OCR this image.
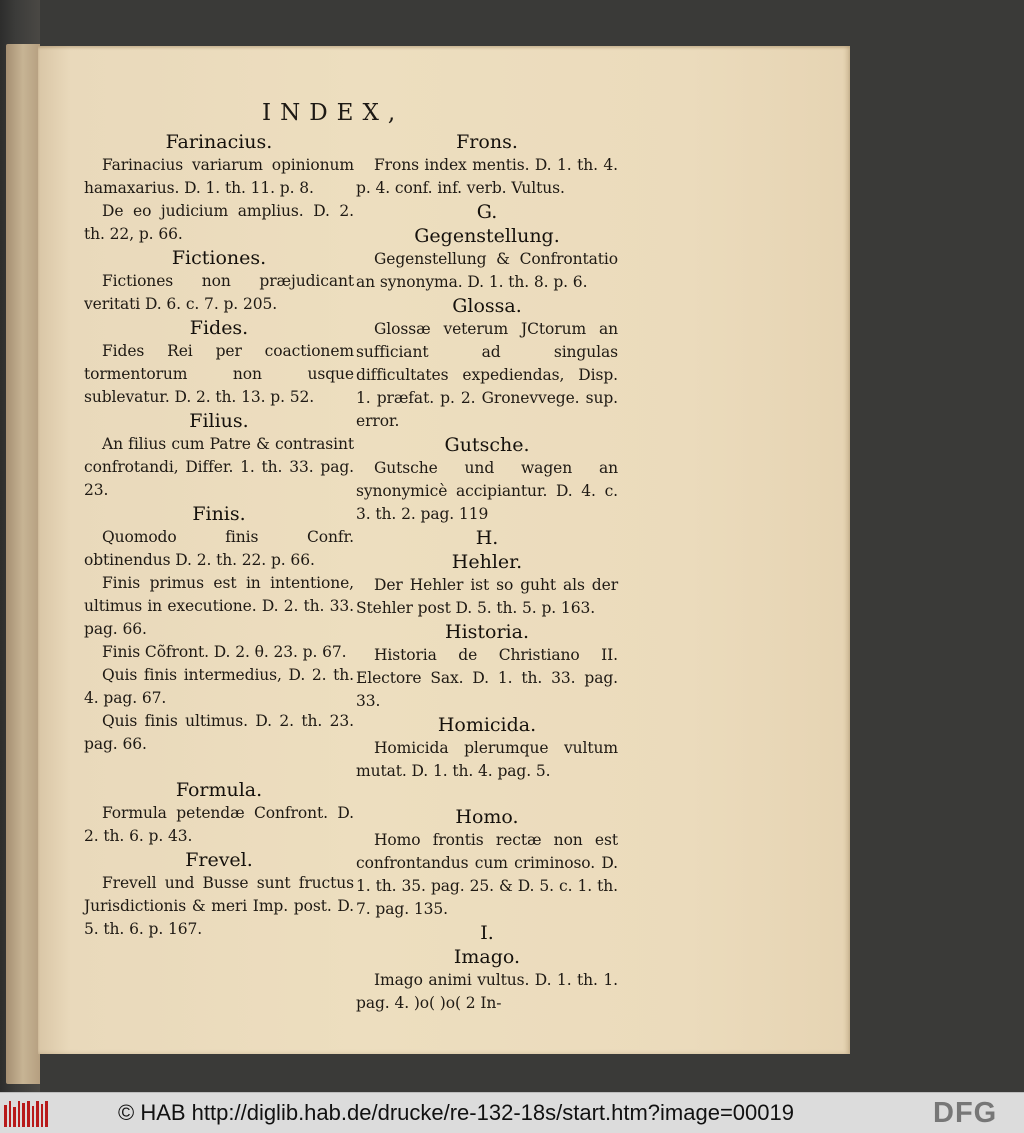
INDEX,

Farinacius.

Farinacius variarum opinionum hamaxarius. D. 1. th. 11. p. 8.

De eo judicium amplius. D. 2. th. 22, p. 66.

Fictiones.

Fictiones non præjudicant veritati D. 6. c. 7. p. 205.

Fides.

Fides Rei per coactionem tormentorum non usque sublevatur. D. 2. th. 13. p. 52.

Filius.

An filius cum Patre & contrasint confrotandi, Differ. 1. th. 33. pag. 23.

Finis.

Quomodo finis Confr. obtinendus D. 2. th. 22. p. 66.

Finis primus est in intentione, ultimus in executione. D. 2. th. 33. pag. 66.

Finis Cõfront. D. 2. θ. 23. p. 67.

Quis finis intermedius, D. 2. th. 4. pag. 67.

Quis finis ultimus. D. 2. th. 23. pag. 66.

Formula.

Formula petendæ Confront. D. 2. th. 6. p. 43.

Frevel.

Frevell und Busse sunt fructus Jurisdictionis & meri Imp. post. D. 5. th. 6. p. 167.

Frons.

Frons index mentis. D. 1. th. 4. p. 4. conf. inf. verb. Vultus.

G.

Gegenstellung.

Gegenstellung & Confrontatio an synonyma. D. 1. th. 8. p. 6.

Glossa.

Glossæ veterum JCtorum an sufficiant ad singulas difficultates expediendas, Disp. 1. præfat. p. 2. Gronevvege. sup. error.

Gutsche.

Gutsche und wagen an synonymicè accipiantur. D. 4. c. 3. th. 2. pag. 119

H.

Hehler.

Der Hehler ist so guht als der Stehler post D. 5. th. 5. p. 163.

Historia.

Historia de Christiano II. Electore Sax. D. 1. th. 33. pag. 33.

Homicida.

Homicida plerumque vultum mutat. D. 1. th. 4. pag. 5.

Homo.

Homo frontis rectæ non est confrontandus cum criminoso. D. 1. th. 35. pag. 25. & D. 5. c. 1. th. 7. pag. 135.

I.

Imago.

Imago animi vultus. D. 1. th. 1. pag. 4. )o( )o( 2 In-

© HAB http://diglib.hab.de/drucke/re-132-18s/start.htm?image=00019	DFG
